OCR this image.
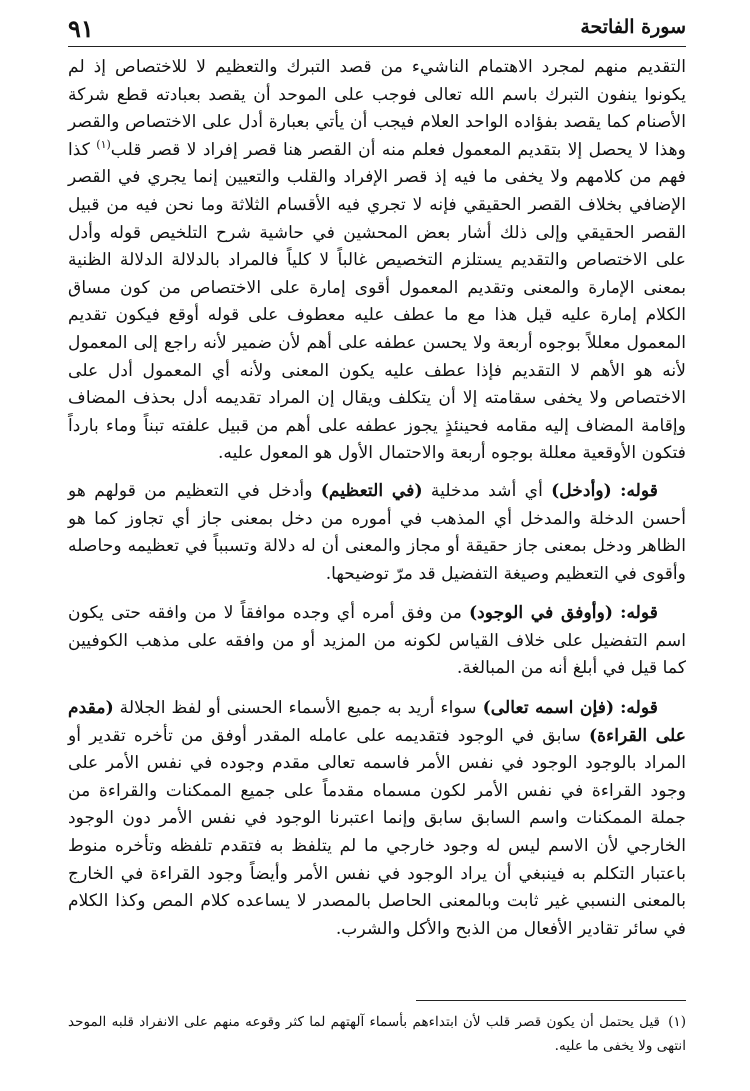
سورة الفاتحة
٩١

التقديم منهم لمجرد الاهتمام الناشيء من قصد التبرك والتعظيم لا للاختصاص إذ لم يكونوا ينفون التبرك باسم الله تعالى فوجب على الموحد أن يقصد بعبادته قطع شركة الأصنام كما يقصد بفؤاده الواحد العلام فيجب أن يأتي بعبارة أدل على الاختصاص والقصر وهذا لا يحصل إلا بتقديم المعمول فعلم منه أن القصر هنا قصر إفراد لا قصر قلب$^{(١)}$ كذا فهم من كلامهم ولا يخفى ما فيه إذ قصر الإفراد والقلب والتعيين إنما يجري في القصر الإضافي بخلاف القصر الحقيقي فإنه لا تجري فيه الأقسام الثلاثة وما نحن فيه من قبيل القصر الحقيقي وإلى ذلك أشار بعض المحشين في حاشية شرح التلخيص قوله وأدل على الاختصاص والتقديم يستلزم التخصيص غالباً لا كلياً فالمراد بالدلالة الدلالة الظنية بمعنى الإمارة والمعنى وتقديم المعمول أقوى إمارة على الاختصاص من كون مساق الكلام إمارة عليه قيل هذا مع ما عطف عليه معطوف على قوله أوقع فيكون تقديم المعمول معللاً بوجوه أربعة ولا يحسن عطفه على أهم لأن ضمير لأنه راجع إلى المعمول لأنه هو الأهم لا التقديم فإذا عطف عليه يكون المعنى ولأنه أي المعمول أدل على الاختصاص ولا يخفى سقامته إلا أن يتكلف ويقال إن المراد تقديمه أدل بحذف المضاف وإقامة المضاف إليه مقامه فحينئذٍ يجوز عطفه على أهم من قبيل علفته تبناً وماء بارداً فتكون الأوقعية معللة بوجوه أربعة والاحتمال الأول هو المعول عليه.

قوله: (وأدخل) أي أشد مدخلية (في التعظيم) وأدخل في التعظيم من قولهم هو أحسن الدخلة والمدخل أي المذهب في أموره من دخل بمعنى جاز أي تجاوز كما هو الظاهر ودخل بمعنى جاز حقيقة أو مجاز والمعنى أن له دلالة وتسبباً في تعظيمه وحاصله وأقوى في التعظيم وصيغة التفضيل قد مرّ توضيحها.

قوله: (وأوفق في الوجود) من وفق أمره أي وجده موافقاً لا من وافقه حتى يكون اسم التفضيل على خلاف القياس لكونه من المزيد أو من وافقه على مذهب الكوفيين كما قيل في أبلغ أنه من المبالغة.

قوله: (فإن اسمه تعالى) سواء أريد به جميع الأسماء الحسنى أو لفظ الجلالة (مقدم على القراءة) سابق في الوجود فتقديمه على عامله المقدر أوفق من تأخره تقدير أو المراد بالوجود الوجود في نفس الأمر فاسمه تعالى مقدم وجوده في نفس الأمر على وجود القراءة في نفس الأمر لكون مسماه مقدماً على جميع الممكنات والقراءة من جملة الممكنات واسم السابق سابق وإنما اعتبرنا الوجود في نفس الأمر دون الوجود الخارجي لأن الاسم ليس له وجود خارجي ما لم يتلفظ به فتقدم تلفظه وتأخره منوط باعتبار التكلم به فينبغي أن يراد الوجود في نفس الأمر وأيضاً وجود القراءة في الخارج بالمعنى النسبي غير ثابت وبالمعنى الحاصل بالمصدر لا يساعده كلام المص وكذا الكلام في سائر تقادير الأفعال من الذبح والأكل والشرب.

(١)قيل يحتمل أن يكون قصر قلب لأن ابتداءهم بأسماء آلهتهم لما كثر وقوعه منهم على الانفراد قلبه الموحد انتهى ولا يخفى ما عليه.
